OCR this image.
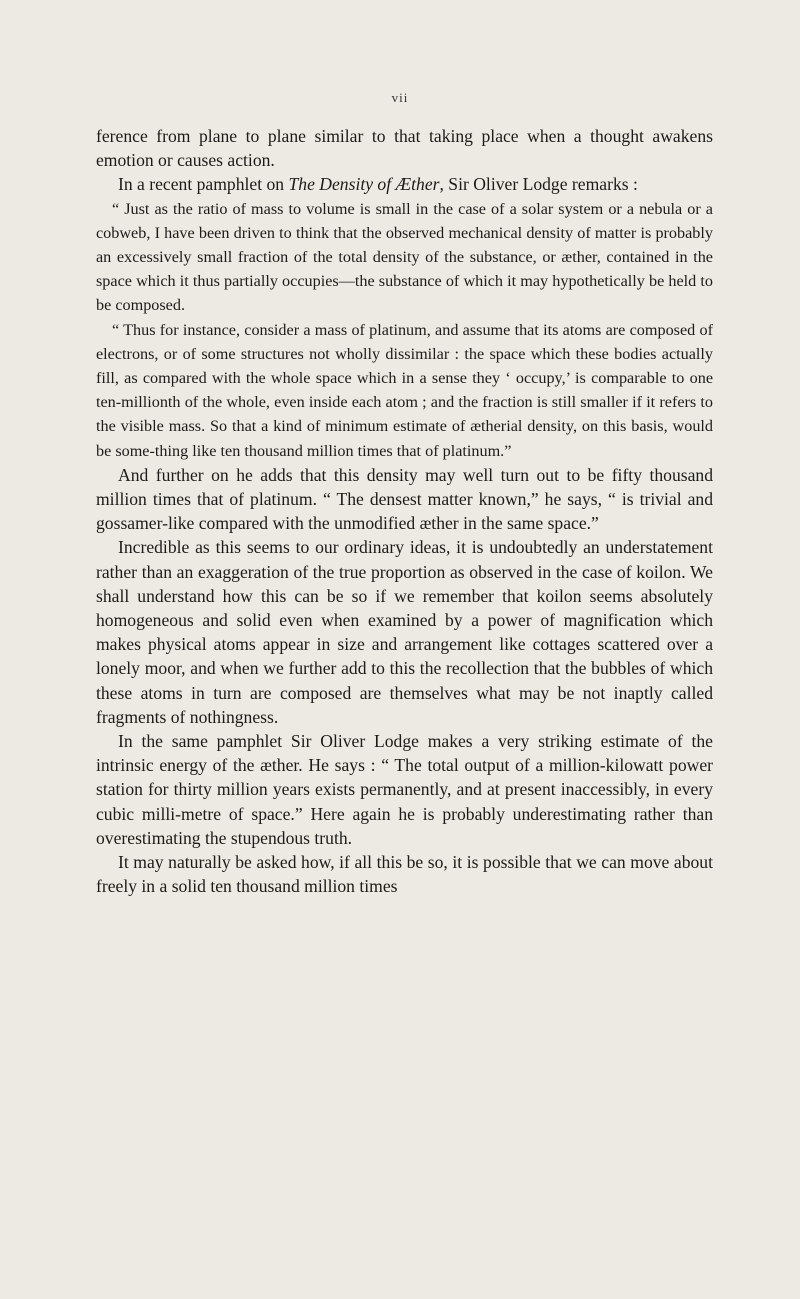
vii

ference from plane to plane similar to that taking place when a thought awakens emotion or causes action.

In a recent pamphlet on The Density of Æther, Sir Oliver Lodge remarks :

“ Just as the ratio of mass to volume is small in the case of a solar system or a nebula or a cobweb, I have been driven to think that the observed mechanical density of matter is probably an excessively small fraction of the total density of the substance, or æther, contained in the space which it thus partially occupies—the substance of which it may hypothetically be held to be composed.

“ Thus for instance, consider a mass of platinum, and assume that its atoms are composed of electrons, or of some structures not wholly dissimilar : the space which these bodies actually fill, as compared with the whole space which in a sense they ‘ occupy,’ is comparable to one ten-millionth of the whole, even inside each atom ; and the fraction is still smaller if it refers to the visible mass. So that a kind of minimum estimate of ætherial density, on this basis, would be some-thing like ten thousand million times that of platinum.”

And further on he adds that this density may well turn out to be fifty thousand million times that of platinum. “ The densest matter known,” he says, “ is trivial and gossamer-like compared with the unmodified æther in the same space.”

Incredible as this seems to our ordinary ideas, it is undoubtedly an understatement rather than an exaggeration of the true proportion as observed in the case of koilon. We shall understand how this can be so if we remember that koilon seems absolutely homogeneous and solid even when examined by a power of magnification which makes physical atoms appear in size and arrangement like cottages scattered over a lonely moor, and when we further add to this the recollection that the bubbles of which these atoms in turn are composed are themselves what may be not inaptly called fragments of nothingness.

In the same pamphlet Sir Oliver Lodge makes a very striking estimate of the intrinsic energy of the æther. He says : “ The total output of a million-kilowatt power station for thirty million years exists permanently, and at present inaccessibly, in every cubic milli-metre of space.” Here again he is probably underestimating rather than overestimating the stupendous truth.

It may naturally be asked how, if all this be so, it is possible that we can move about freely in a solid ten thousand million times
